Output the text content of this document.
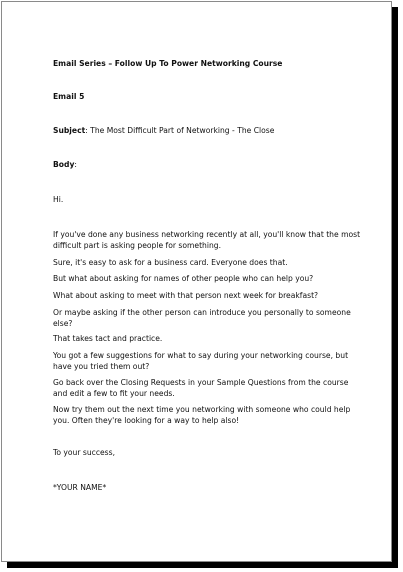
Email Series – Follow Up To Power Networking Course
Email 5
Subject: The Most Difficult Part of Networking - The Close
Body:
Hi.
If you've done any business networking recently at all, you'll know that the most difficult part is asking people for something.
Sure, it's easy to ask for a business card. Everyone does that.
But what about asking for names of other people who can help you?
What about asking to meet with that person next week for breakfast?
Or maybe asking if the other person can introduce you personally to someone else?
That takes tact and practice.
You got a few suggestions for what to say during your networking course, but have you tried them out?
Go back over the Closing Requests in your Sample Questions from the course and edit a few to fit your needs.
Now try them out the next time you networking with someone who could help you. Often they're looking for a way to help also!
To your success,
*YOUR NAME*
